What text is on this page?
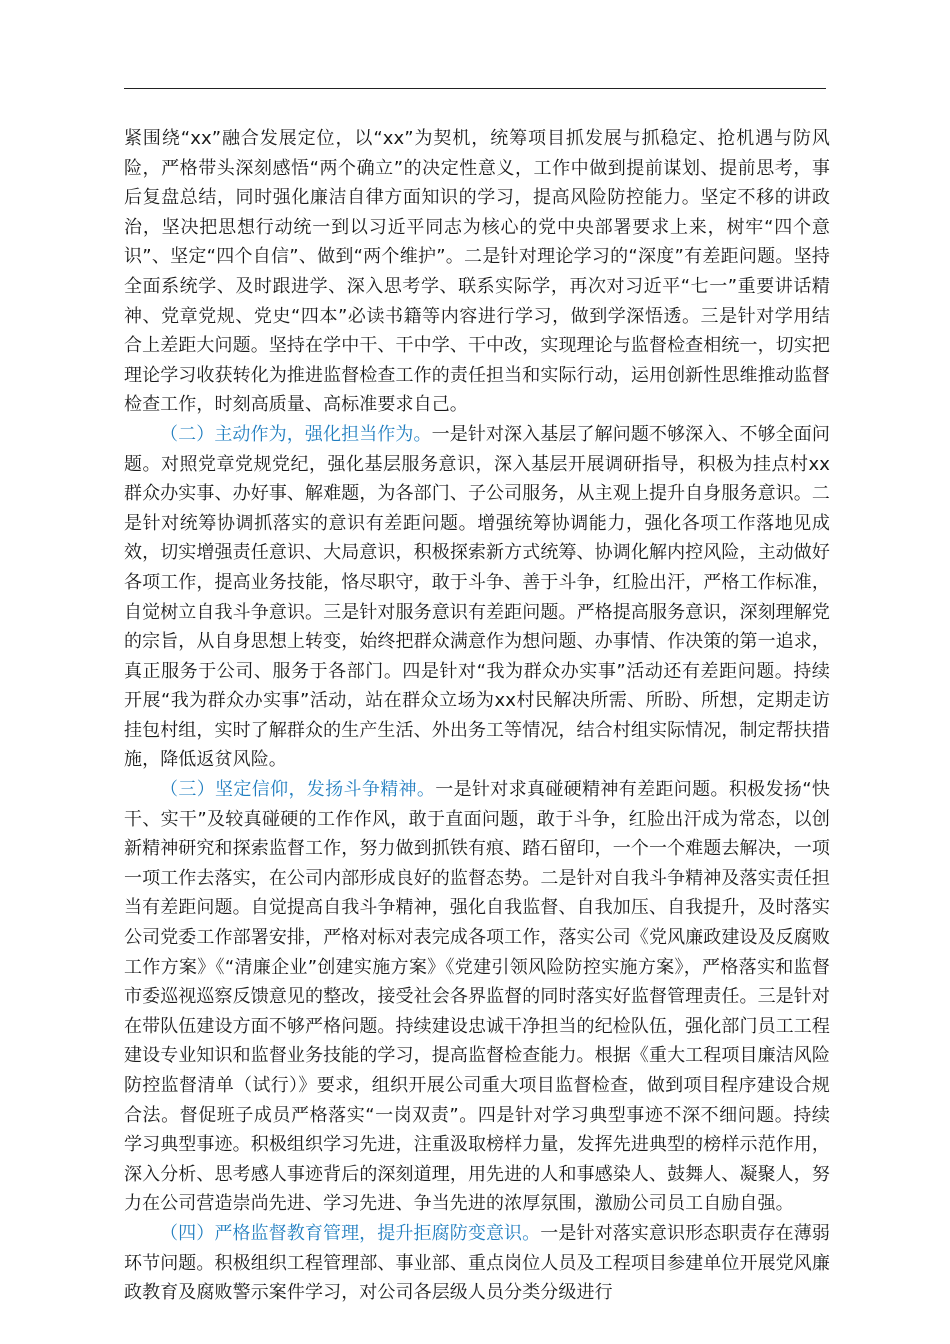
紧围绕“xx”融合发展定位，以“xx”为契机，统筹项目抓发展与抓稳定、抢机遇与防风险，严格带头深刻感悟“两个确立”的决定性意义，工作中做到提前谋划、提前思考，事后复盘总结，同时强化廉洁自律方面知识的学习，提高风险防控能力。坚定不移的讲政治，坚决把思想行动统一到以习近平同志为核心的党中央部署要求上来，树牢“四个意识”、坚定“四个自信”、做到“两个维护”。二是针对理论学习的“深度”有差距问题。坚持全面系统学、及时跟进学、深入思考学、联系实际学，再次对习近平“七一”重要讲话精神、党章党规、党史“四本”必读书籍等内容进行学习，做到学深悟透。三是针对学用结合上差距大问题。坚持在学中干、干中学、干中改，实现理论与监督检查相统一，切实把理论学习收获转化为推进监督检查工作的责任担当和实际行动，运用创新性思维推动监督检查工作，时刻高质量、高标准要求自己。

（二）主动作为，强化担当作为。一是针对深入基层了解问题不够深入、不够全面问题。对照党章党规党纪，强化基层服务意识，深入基层开展调研指导，积极为挂点村xx群众办实事、办好事、解难题，为各部门、子公司服务，从主观上提升自身服务意识。二是针对统筹协调抓落实的意识有差距问题。增强统筹协调能力，强化各项工作落地见成效，切实增强责任意识、大局意识，积极探索新方式统筹、协调化解内控风险，主动做好各项工作，提高业务技能，恪尽职守，敢于斗争、善于斗争，红脸出汗，严格工作标准，自觉树立自我斗争意识。三是针对服务意识有差距问题。严格提高服务意识，深刻理解党的宗旨，从自身思想上转变，始终把群众满意作为想问题、办事情、作决策的第一追求，真正服务于公司、服务于各部门。四是针对“我为群众办实事”活动还有差距问题。持续开展“我为群众办实事”活动，站在群众立场为xx村民解决所需、所盼、所想，定期走访挂包村组，实时了解群众的生产生活、外出务工等情况，结合村组实际情况，制定帮扶措施，降低返贫风险。

（三）坚定信仰，发扬斗争精神。一是针对求真碰硬精神有差距问题。积极发扬“快干、实干”及较真碰硬的工作作风，敢于直面问题，敢于斗争，红脸出汗成为常态，以创新精神研究和探索监督工作，努力做到抓铁有痕、踏石留印，一个一个难题去解决，一项一项工作去落实，在公司内部形成良好的监督态势。二是针对自我斗争精神及落实责任担当有差距问题。自觉提高自我斗争精神，强化自我监督、自我加压、自我提升，及时落实公司党委工作部署安排，严格对标对表完成各项工作，落实公司《党风廉政建设及反腐败工作方案》《“清廉企业”创建实施方案》《党建引领风险防控实施方案》，严格落实和监督市委巡视巡察反馈意见的整改，接受社会各界监督的同时落实好监督管理责任。三是针对在带队伍建设方面不够严格问题。持续建设忠诚干净担当的纪检队伍，强化部门员工工程建设专业知识和监督业务技能的学习，提高监督检查能力。根据《重大工程项目廉洁风险防控监督清单（试行）》要求，组织开展公司重大项目监督检查，做到项目程序建设合规合法。督促班子成员严格落实“一岗双责”。四是针对学习典型事迹不深不细问题。持续学习典型事迹。积极组织学习先进，注重汲取榜样力量，发挥先进典型的榜样示范作用，深入分析、思考感人事迹背后的深刻道理，用先进的人和事感染人、鼓舞人、凝聚人，努力在公司营造崇尚先进、学习先进、争当先进的浓厚氛围，激励公司员工自励自强。

（四）严格监督教育管理，提升拒腐防变意识。一是针对落实意识形态职责存在薄弱环节问题。积极组织工程管理部、事业部、重点岗位人员及工程项目参建单位开展党风廉政教育及腐败警示案件学习，对公司各层级人员分类分级进行
